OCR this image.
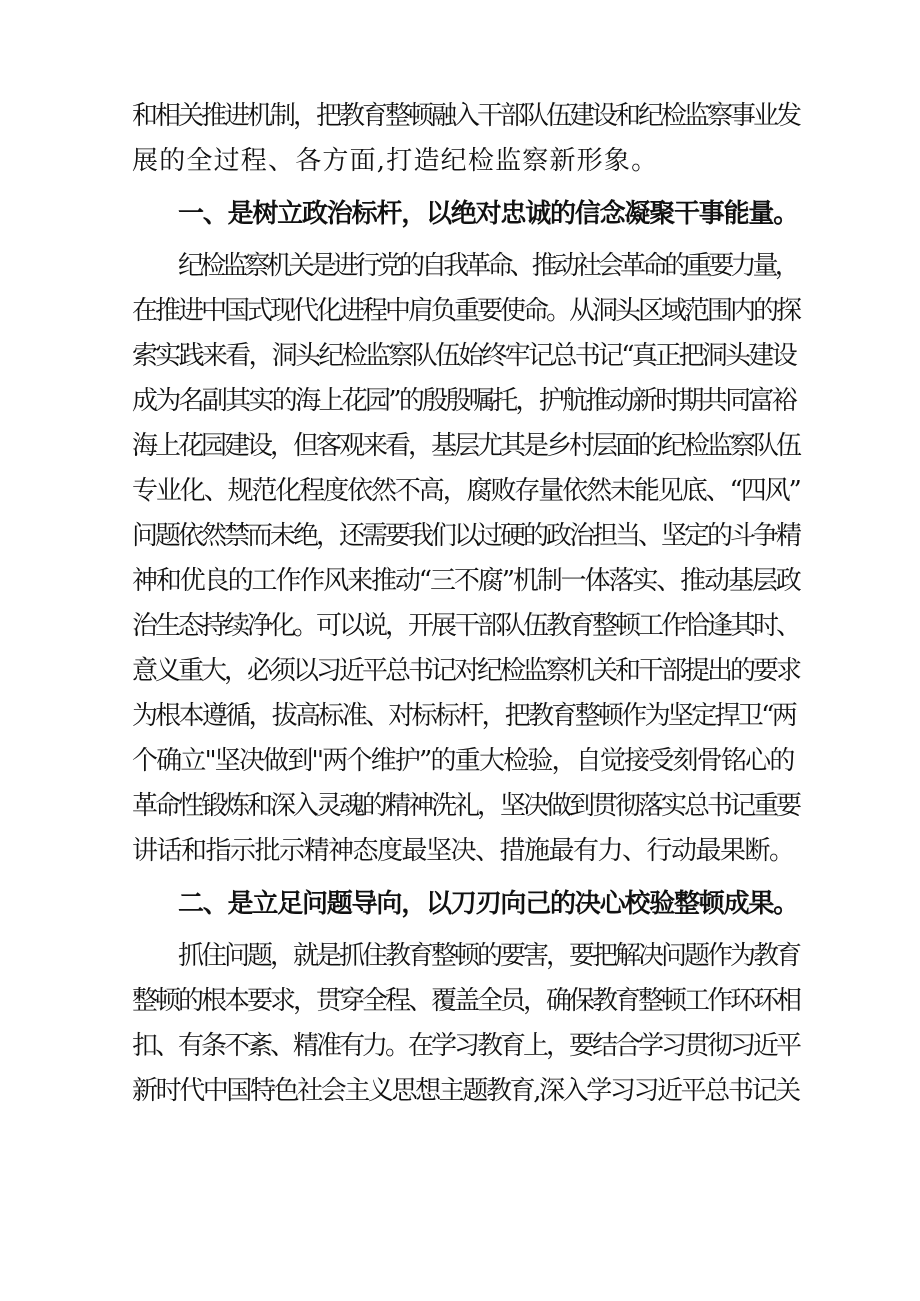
和相关推进机制，把教育整顿融入干部队伍建设和纪检监察事业发
展的全过程、各方面,打造纪检监察新形象。
一、是树立政治标杆，以绝对忠诚的信念凝聚干事能量。
纪检监察机关是进行党的自我革命、推动社会革命的重要力量，
在推进中国式现代化进程中肩负重要使命。从洞头区域范围内的探
索实践来看，洞头纪检监察队伍始终牢记总书记“真正把洞头建设
成为名副其实的海上花园”的殷殷嘱托，护航推动新时期共同富裕
海上花园建设，但客观来看，基层尤其是乡村层面的纪检监察队伍
专业化、规范化程度依然不高，腐败存量依然未能见底、“四风”
问题依然禁而未绝，还需要我们以过硬的政治担当、坚定的斗争精
神和优良的工作作风来推动“三不腐”机制一体落实、推动基层政
治生态持续净化。可以说，开展干部队伍教育整顿工作恰逢其时、
意义重大，必须以习近平总书记对纪检监察机关和干部提出的要求
为根本遵循，拔高标准、对标标杆，把教育整顿作为坚定捍卫“两
个确立"坚决做到''两个维护”的重大检验，自觉接受刻骨铭心的
革命性锻炼和深入灵魂的精神洗礼，坚决做到贯彻落实总书记重要
讲话和指示批示精神态度最坚决、措施最有力、行动最果断。
二、是立足问题导向，以刀刃向己的决心校验整顿成果。
抓住问题，就是抓住教育整顿的要害，要把解决问题作为教育
整顿的根本要求，贯穿全程、覆盖全员，确保教育整顿工作环环相
扣、有条不紊、精准有力。在学习教育上，要结合学习贯彻习近平
新时代中国特色社会主义思想主题教育,深入学习习近平总书记关
